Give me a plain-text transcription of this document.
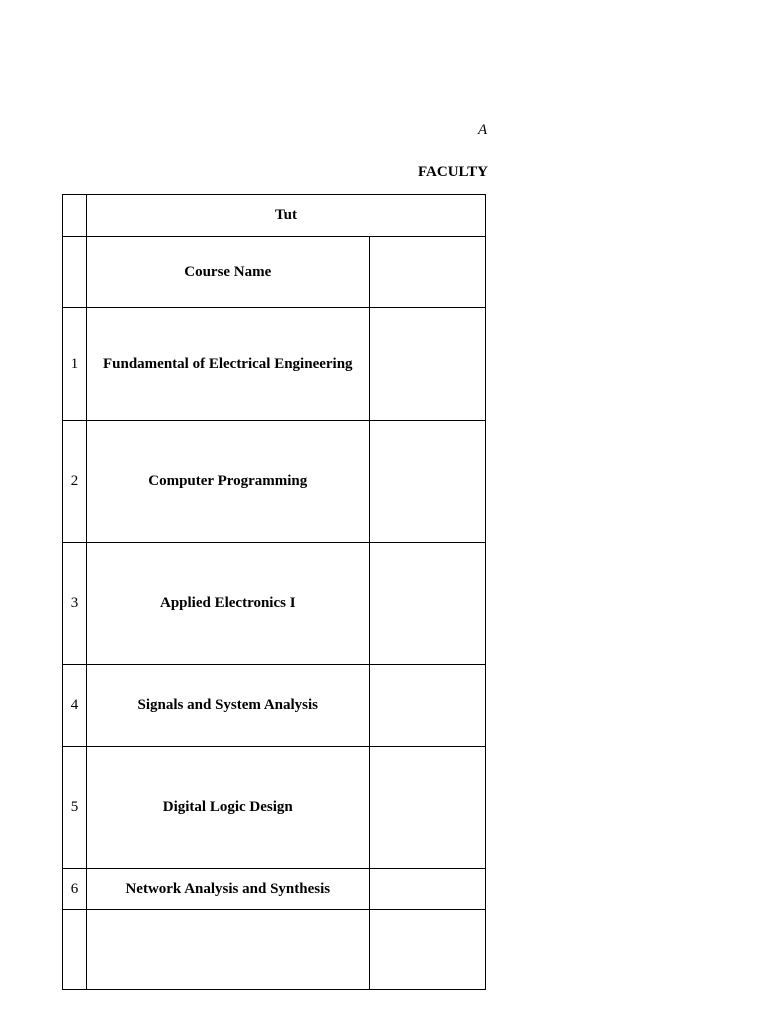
A
FACULTY
	Tut	
	Course Name	
1	Fundamental of Electrical Engineering	
2	Computer Programming	
3	Applied Electronics I	
4	Signals and System Analysis	
5	Digital Logic Design	
6	Network Analysis and Synthesis	
